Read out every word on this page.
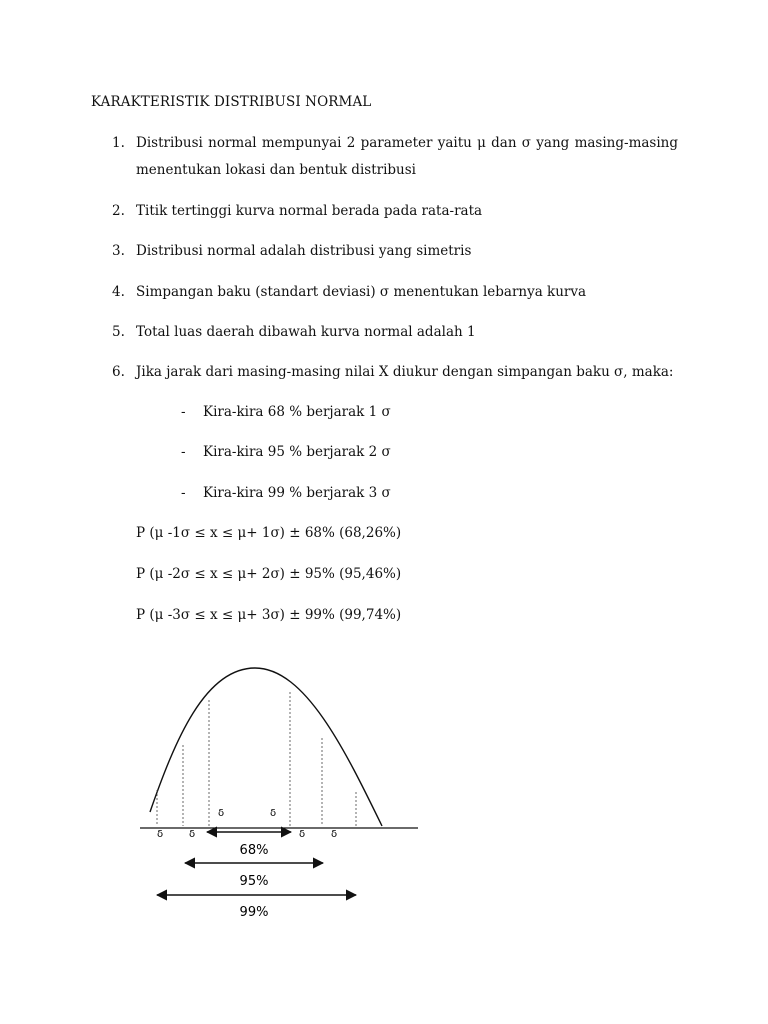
KARAKTERISTIK DISTRIBUSI NORMAL
1. Distribusi normal mempunyai 2 parameter yaitu μ dan σ yang masing-masing
menentukan lokasi dan bentuk distribusi
2. Titik tertinggi kurva normal berada pada rata-rata
3. Distribusi normal adalah distribusi yang simetris
4. Simpangan baku (standart deviasi) σ menentukan lebarnya kurva
5. Total luas daerah dibawah kurva normal adalah 1
6. Jika jarak dari masing-masing nilai X diukur dengan simpangan baku σ, maka:
- Kira-kira 68 % berjarak 1 σ
- Kira-kira 95 % berjarak 2 σ
- Kira-kira 99 % berjarak 3 σ
P (μ -1σ ≤ x ≤ μ+ 1σ) ± 68% (68,26%)
P (μ -2σ ≤ x ≤ μ+ 2σ) ± 95% (95,46%)
P (μ -3σ ≤ x ≤ μ+ 3σ) ± 99% (99,74%)
δ	δ
δ	δ	δ	δ
68%
95%
99%
